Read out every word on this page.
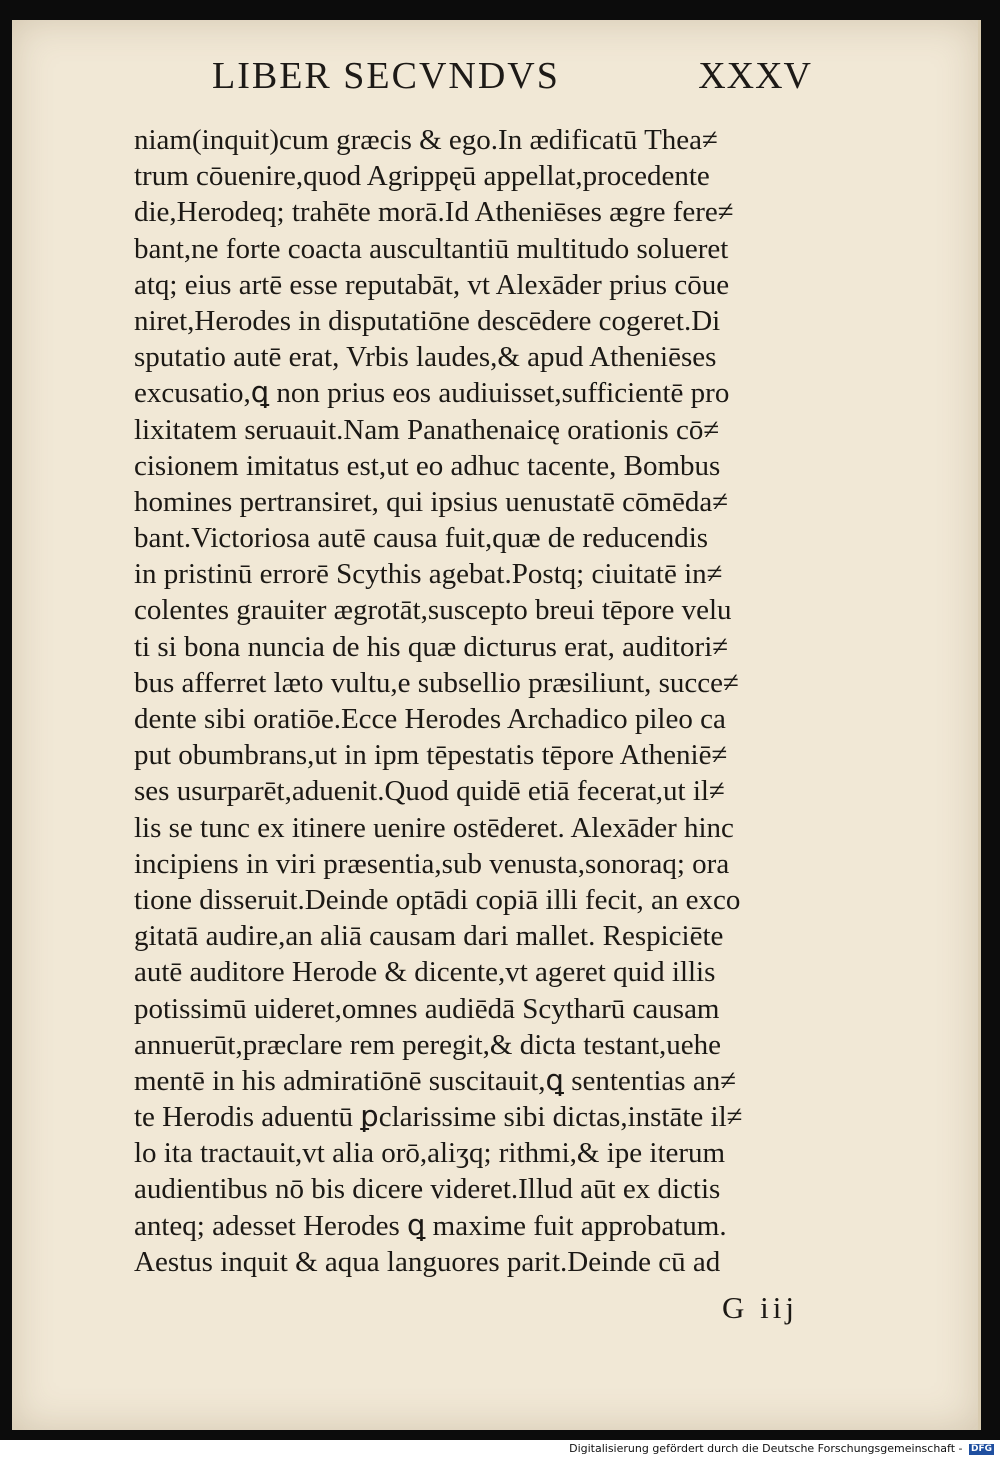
LIBER SECVNDVS	XXXV
niam(inquit)cum græcis & ego.In ædificatū Thea≠
trum cōuenire,quod Agrippęū appellat,procedente
die,Herodeq; trahēte morā.Id Atheniēses ægre fere≠
bant,ne forte coacta auscultantiū multitudo solueret
atq; eius artē esse reputabāt, vt Alexāder prius cōue
niret,Herodes in disputatiōne descēdere cogeret.Di
sputatio autē erat, Vrbis laudes,& apud Atheniēses
excusatio,ꝗ non prius eos audiuisset,sufficientē pro
lixitatem seruauit.Nam Panathenaicę orationis cō≠
cisionem imitatus est,ut eo adhuc tacente, Bombus
homines pertransiret, qui ipsius uenustatē cōmēda≠
bant.Victoriosa autē causa fuit,quæ de reducendis
in pristinū errorē Scythis agebat.Postq; ciuitatē in≠
colentes grauiter ægrotāt,suscepto breui tēpore velu
ti si bona nuncia de his quæ dicturus erat, auditori≠
bus afferret læto vultu,e subsellio præsiliunt, succe≠
dente sibi oratiōe.Ecce Herodes Archadico pileo ca
put obumbrans,ut in ipm tēpestatis tēpore Atheniē≠
ses usurparēt,aduenit.Quod quidē etiā fecerat,ut il≠
lis se tunc ex itinere uenire ostēderet. Alexāder hinc
incipiens in viri præsentia,sub venusta,sonoraq; ora
tione disseruit.Deinde optādi copiā illi fecit, an exco
gitatā audire,an aliā causam dari mallet. Respiciēte
autē auditore Herode & dicente,vt ageret quid illis
potissimū uideret,omnes audiēdā Scytharū causam
annuerūt,præclare rem peregit,& dicta testant,uehe
mentē in his admiratiōnē suscitauit,ꝗ sententias an≠
te Herodis aduentū ꝑclarissime sibi dictas,instāte il≠
lo ita tractauit,vt alia orō,aliʒq; rithmi,& ipe iterum
audientibus nō bis dicere videret.Illud aūt ex dictis
anteq; adesset Herodes ꝗ maxime fuit approbatum.
Aestus inquit & aqua languores parit.Deinde cū ad
G iij
Digitalisierung gefördert durch die Deutsche Forschungsgemeinschaft - DFG
